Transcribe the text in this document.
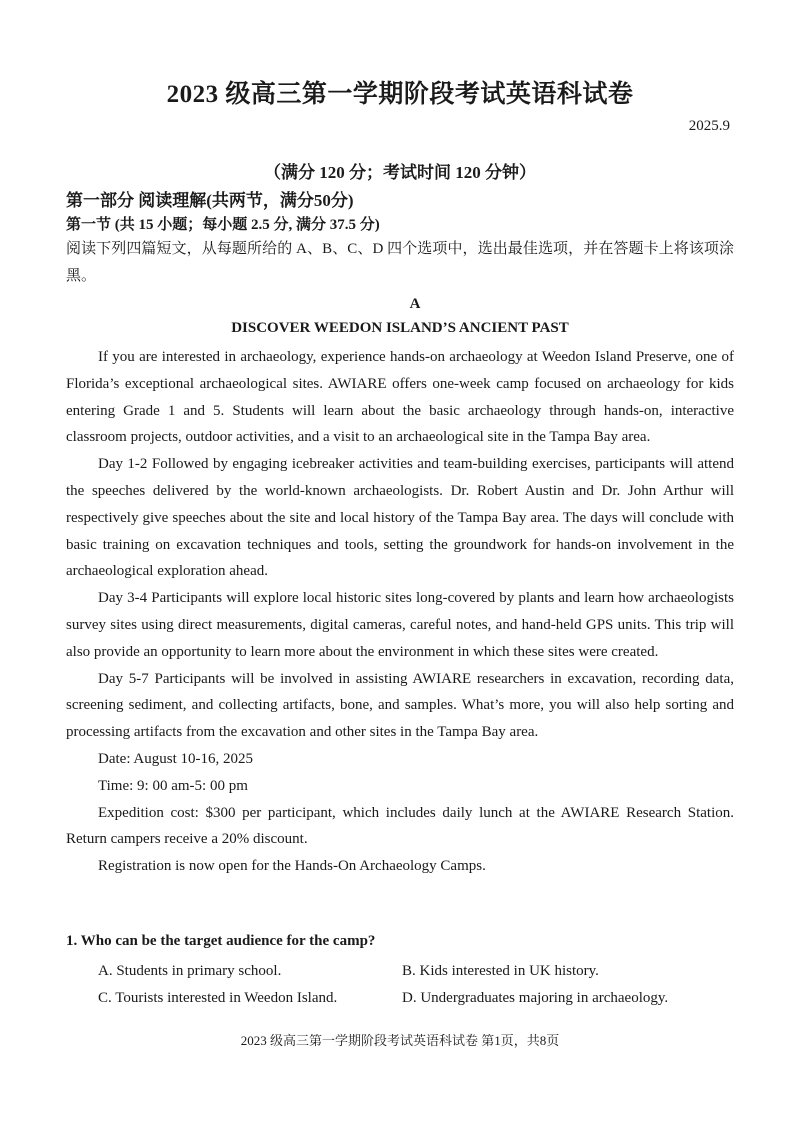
2023 级高三第一学期阶段考试英语科试卷
2025.9
（满分 120 分；考试时间 120 分钟）
第一部分 阅读理解(共两节，满分50分)
第一节 (共 15 小题；每小题 2.5 分, 满分 37.5 分)
阅读下列四篇短文，从每题所给的 A、B、C、D 四个选项中，选出最佳选项，并在答题卡上将该项涂黑。
A
DISCOVER WEEDON ISLAND’S ANCIENT PAST

If you are interested in archaeology, experience hands-on archaeology at Weedon Island Preserve, one of Florida’s exceptional archaeological sites. AWIARE offers one-week camp focused on archaeology for kids entering Grade 1 and 5. Students will learn about the basic archaeology through hands-on, interactive classroom projects, outdoor activities, and a visit to an archaeological site in the Tampa Bay area.

Day 1-2 Followed by engaging icebreaker activities and team-building exercises, participants will attend the speeches delivered by the world-known archaeologists. Dr. Robert Austin and Dr. John Arthur will respectively give speeches about the site and local history of the Tampa Bay area. The days will conclude with basic training on excavation techniques and tools, setting the groundwork for hands-on involvement in the archaeological exploration ahead.

Day 3-4 Participants will explore local historic sites long-covered by plants and learn how archaeologists survey sites using direct measurements, digital cameras, careful notes, and hand-held GPS units. This trip will also provide an opportunity to learn more about the environment in which these sites were created.

Day 5-7 Participants will be involved in assisting AWIARE researchers in excavation, recording data, screening sediment, and collecting artifacts, bone, and samples. What’s more, you will also help sorting and processing artifacts from the excavation and other sites in the Tampa Bay area.

Date: August 10-16, 2025

Time: 9: 00 am-5: 00 pm

Expedition cost: $300 per participant, which includes daily lunch at the AWIARE Research Station. Return campers receive a 20% discount.

Registration is now open for the Hands-On Archaeology Camps.

1. Who can be the target audience for the camp?
A. Students in primary school.	B. Kids interested in UK history.
C. Tourists interested in Weedon Island.	D. Undergraduates majoring in archaeology.
2023 级高三第一学期阶段考试英语科试卷 第1页，共8页
